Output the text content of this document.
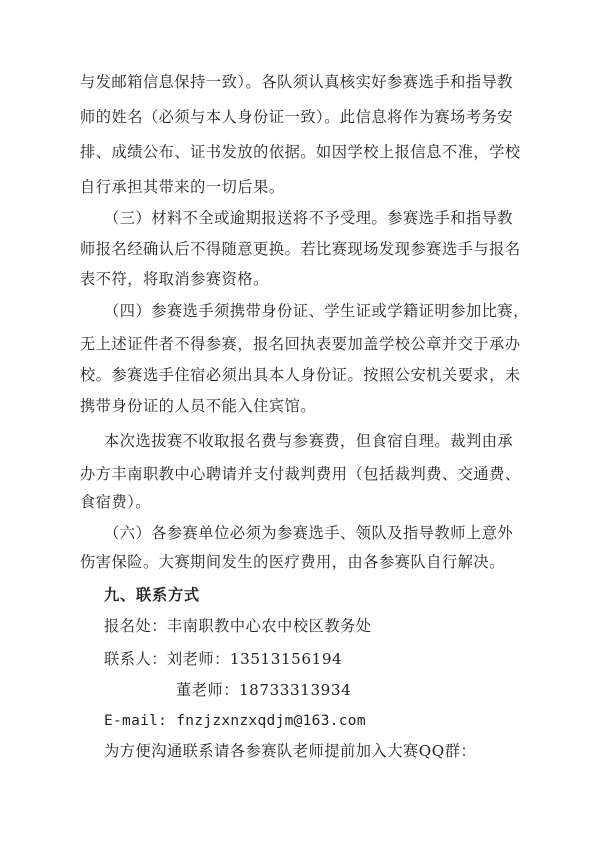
与发邮箱信息保持一致）。各队须认真核实好参赛选手和指导教
师的姓名（必须与本人身份证一致）。此信息将作为赛场考务安
排、成绩公布、证书发放的依据。如因学校上报信息不准，学校
自行承担其带来的一切后果。
（三）材料不全或逾期报送将不予受理。参赛选手和指导教
师报名经确认后不得随意更换。若比赛现场发现参赛选手与报名
表不符，将取消参赛资格。
（四）参赛选手须携带身份证、学生证或学籍证明参加比赛，
无上述证件者不得参赛，报名回执表要加盖学校公章并交于承办
校。参赛选手住宿必须出具本人身份证。按照公安机关要求，未
携带身份证的人员不能入住宾馆。
本次选拔赛不收取报名费与参赛费，但食宿自理。裁判由承
办方丰南职教中心聘请并支付裁判费用（包括裁判费、交通费、
食宿费）。
（六）各参赛单位必须为参赛选手、领队及指导教师上意外
伤害保险。大赛期间发生的医疗费用，由各参赛队自行解决。
九、联系方式
报名处：丰南职教中心农中校区教务处
联系人：刘老师：13513156194
董老师：18733313934
E-mail: fnzjzxnzxqdjm@163.com
为方便沟通联系请各参赛队老师提前加入大赛QQ群：
